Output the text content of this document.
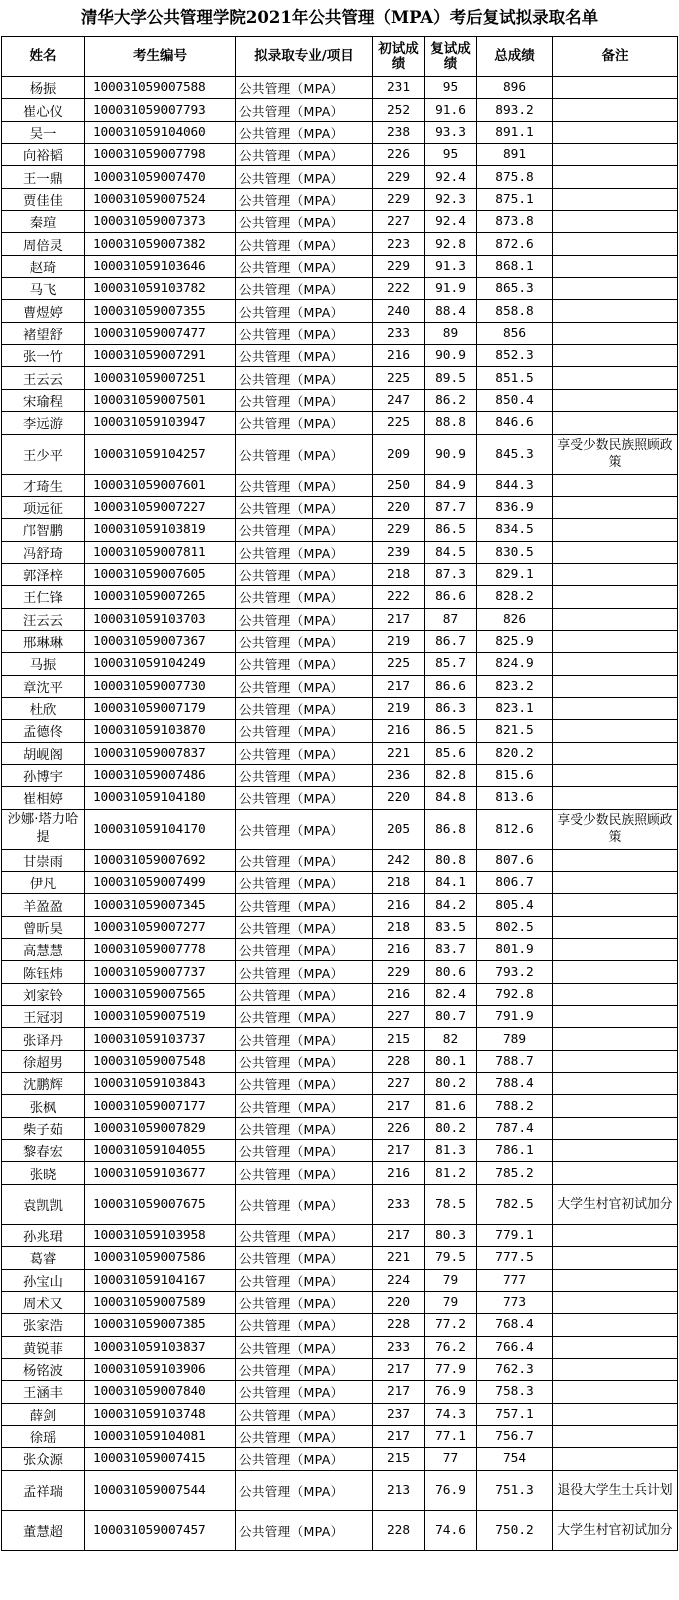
清华大学公共管理学院2021年公共管理（MPA）考后复试拟录取名单
姓名	考生编号	拟录取专业/项目	初试成绩	复试成绩	总成绩	备注
杨振	100031059007588	公共管理（MPA）	231	95	896	
崔心仪	100031059007793	公共管理（MPA）	252	91.6	893.2	
吴一	100031059104060	公共管理（MPA）	238	93.3	891.1	
向裕韬	100031059007798	公共管理（MPA）	226	95	891	
王一鼎	100031059007470	公共管理（MPA）	229	92.4	875.8	
贾佳佳	100031059007524	公共管理（MPA）	229	92.3	875.1	
秦瑄	100031059007373	公共管理（MPA）	227	92.4	873.8	
周倍灵	100031059007382	公共管理（MPA）	223	92.8	872.6	
赵琦	100031059103646	公共管理（MPA）	229	91.3	868.1	
马飞	100031059103782	公共管理（MPA）	222	91.9	865.3	
曹煜婷	100031059007355	公共管理（MPA）	240	88.4	858.8	
褚望舒	100031059007477	公共管理（MPA）	233	89	856	
张一竹	100031059007291	公共管理（MPA）	216	90.9	852.3	
王云云	100031059007251	公共管理（MPA）	225	89.5	851.5	
宋瑜程	100031059007501	公共管理（MPA）	247	86.2	850.4	
李远游	100031059103947	公共管理（MPA）	225	88.8	846.6	
王少平	100031059104257	公共管理（MPA）	209	90.9	845.3	享受少数民族照顾政策
才琦生	100031059007601	公共管理（MPA）	250	84.9	844.3	
项远征	100031059007227	公共管理（MPA）	220	87.7	836.9	
邝智鹏	100031059103819	公共管理（MPA）	229	86.5	834.5	
冯舒琦	100031059007811	公共管理（MPA）	239	84.5	830.5	
郭泽梓	100031059007605	公共管理（MPA）	218	87.3	829.1	
王仁锋	100031059007265	公共管理（MPA）	222	86.6	828.2	
汪云云	100031059103703	公共管理（MPA）	217	87	826	
邢琳琳	100031059007367	公共管理（MPA）	219	86.7	825.9	
马振	100031059104249	公共管理（MPA）	225	85.7	824.9	
章沈平	100031059007730	公共管理（MPA）	217	86.6	823.2	
杜欣	100031059007179	公共管理（MPA）	219	86.3	823.1	
孟德佟	100031059103870	公共管理（MPA）	216	86.5	821.5	
胡岘阁	100031059007837	公共管理（MPA）	221	85.6	820.2	
孙博宇	100031059007486	公共管理（MPA）	236	82.8	815.6	
崔相婷	100031059104180	公共管理（MPA）	220	84.8	813.6	
沙娜·塔力哈提	100031059104170	公共管理（MPA）	205	86.8	812.6	享受少数民族照顾政策
甘崇雨	100031059007692	公共管理（MPA）	242	80.8	807.6	
伊凡	100031059007499	公共管理（MPA）	218	84.1	806.7	
羊盈盈	100031059007345	公共管理（MPA）	216	84.2	805.4	
曾昕昊	100031059007277	公共管理（MPA）	218	83.5	802.5	
高慧慧	100031059007778	公共管理（MPA）	216	83.7	801.9	
陈钰炜	100031059007737	公共管理（MPA）	229	80.6	793.2	
刘家铃	100031059007565	公共管理（MPA）	216	82.4	792.8	
王冠羽	100031059007519	公共管理（MPA）	227	80.7	791.9	
张译丹	100031059103737	公共管理（MPA）	215	82	789	
徐超男	100031059007548	公共管理（MPA）	228	80.1	788.7	
沈鹏辉	100031059103843	公共管理（MPA）	227	80.2	788.4	
张枫	100031059007177	公共管理（MPA）	217	81.6	788.2	
柴子茹	100031059007829	公共管理（MPA）	226	80.2	787.4	
黎春宏	100031059104055	公共管理（MPA）	217	81.3	786.1	
张晓	100031059103677	公共管理（MPA）	216	81.2	785.2	
袁凯凯	100031059007675	公共管理（MPA）	233	78.5	782.5	大学生村官初试加分
孙兆珺	100031059103958	公共管理（MPA）	217	80.3	779.1	
葛睿	100031059007586	公共管理（MPA）	221	79.5	777.5	
孙宝山	100031059104167	公共管理（MPA）	224	79	777	
周术又	100031059007589	公共管理（MPA）	220	79	773	
张家浩	100031059007385	公共管理（MPA）	228	77.2	768.4	
黄锐菲	100031059103837	公共管理（MPA）	233	76.2	766.4	
杨铭波	100031059103906	公共管理（MPA）	217	77.9	762.3	
王涵丰	100031059007840	公共管理（MPA）	217	76.9	758.3	
薛剑	100031059103748	公共管理（MPA）	237	74.3	757.1	
徐瑶	100031059104081	公共管理（MPA）	217	77.1	756.7	
张众源	100031059007415	公共管理（MPA）	215	77	754	
孟祥瑞	100031059007544	公共管理（MPA）	213	76.9	751.3	退役大学生士兵计划
董慧超	100031059007457	公共管理（MPA）	228	74.6	750.2	大学生村官初试加分
